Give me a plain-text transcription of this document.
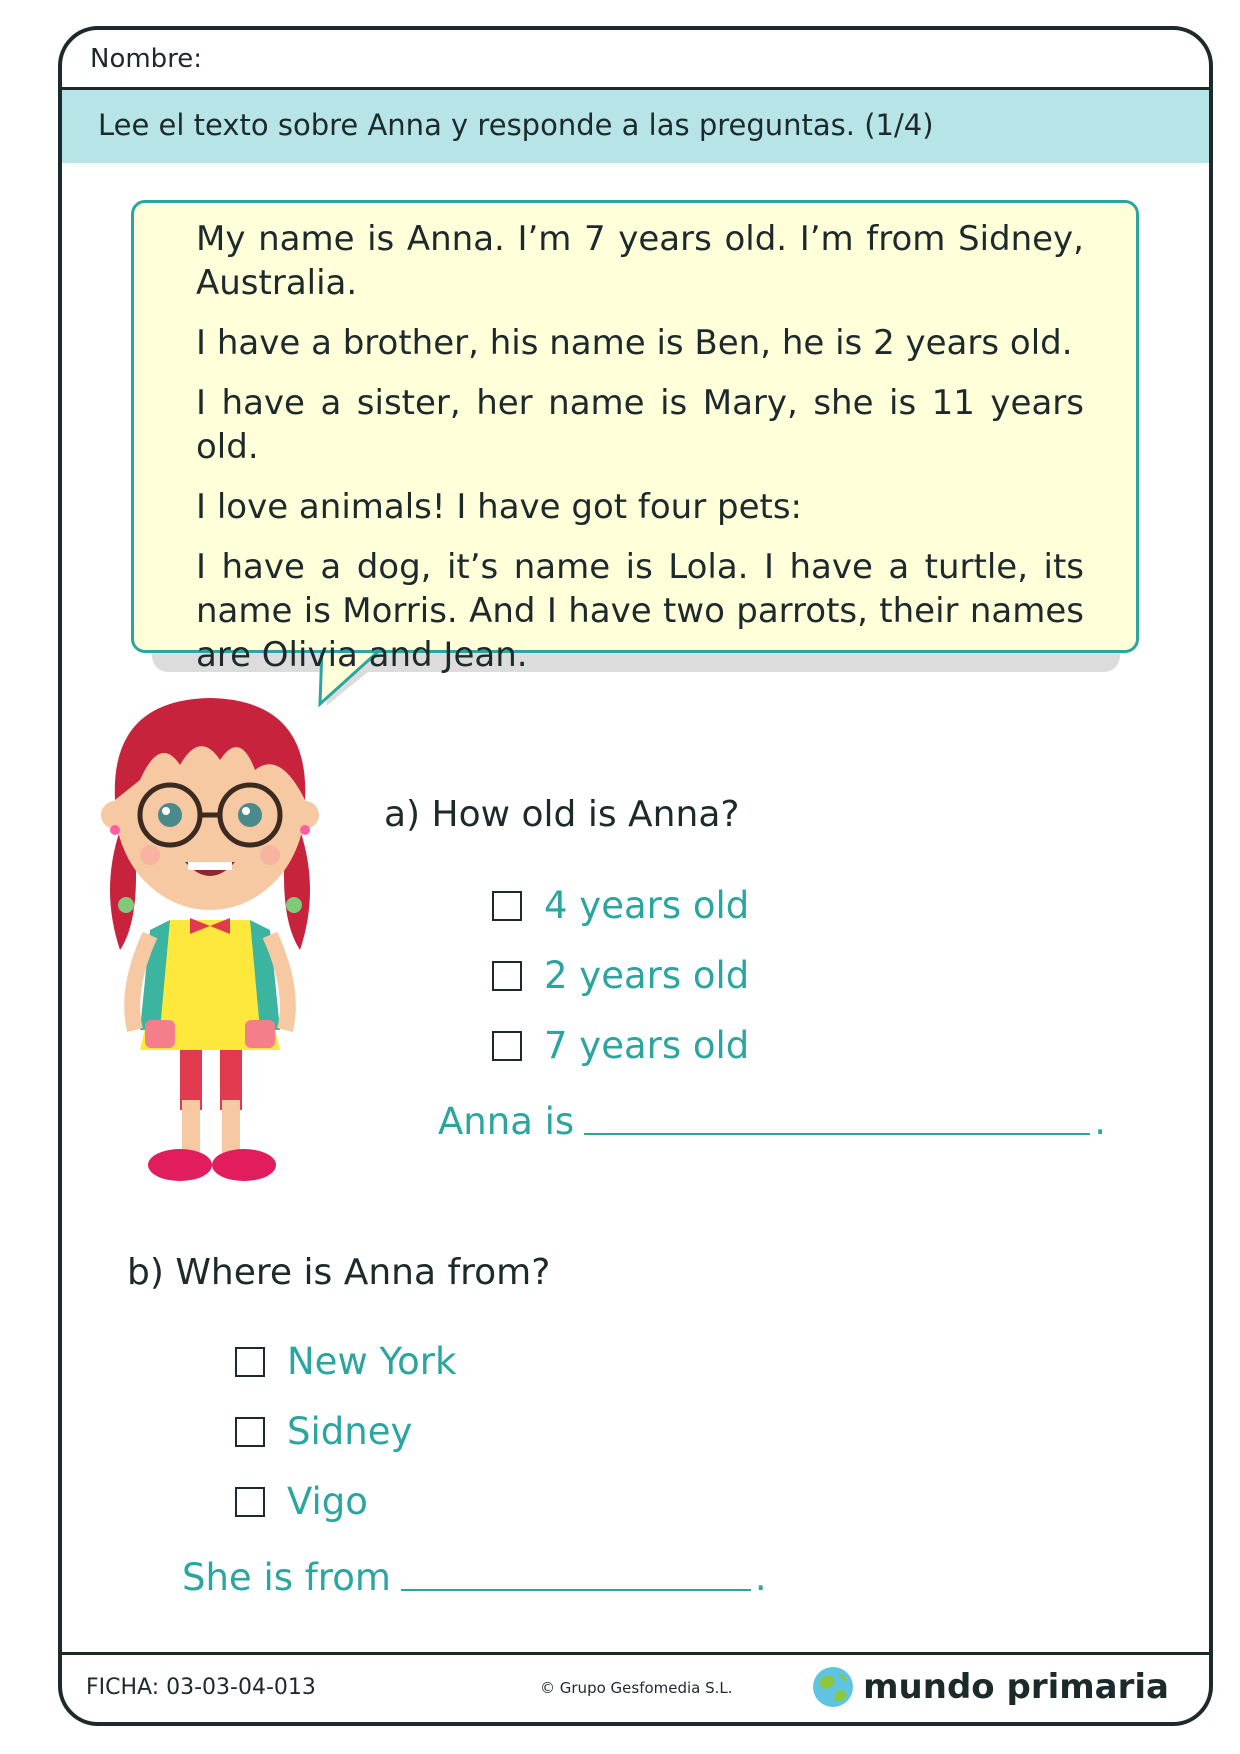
Nombre:
Lee el texto sobre Anna y responde a las preguntas. (1/4)
FICHA: 03-03-04-013	© Grupo Gesfomedia S.L.	mundo primaria

My name is Anna. I’m 7 years old. I’m from Sidney, Australia.

I have a brother, his name is Ben, he is 2 years old.

I have a sister, her name is Mary, she is 11 years old.

I love animals! I have got four pets:

I have a dog, it’s name is Lola. I have a turtle, its name is Morris. And I have two parrots, their names are Olivia and Jean.

a) How old is Anna?
4 years old
2 years old
7 years old
Anna is	.
b) Where is Anna from?
New York
Sidney
Vigo
She is from	.
